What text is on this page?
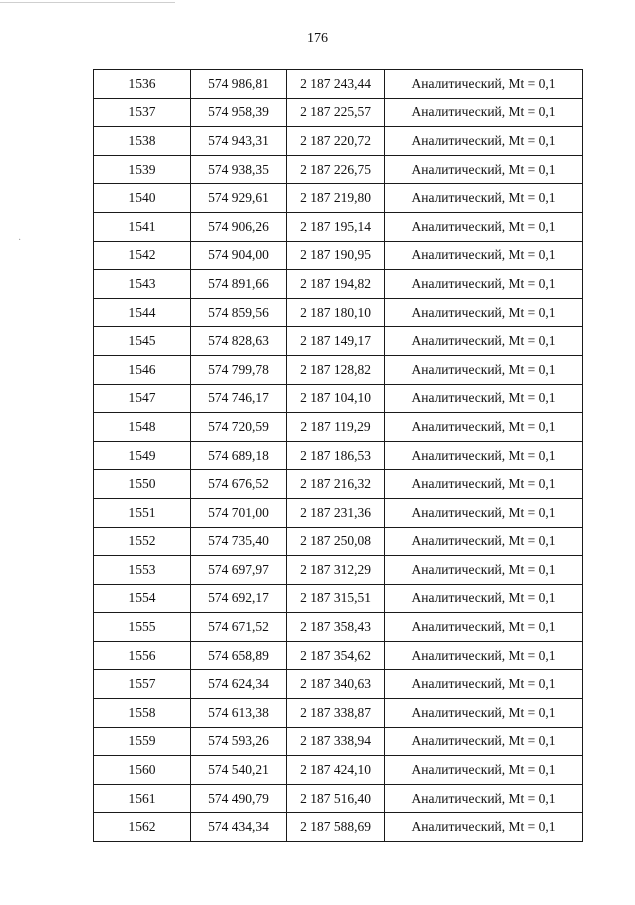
176
·
1536	574 986,81	2 187 243,44	Аналитический, Mt = 0,1
1537	574 958,39	2 187 225,57	Аналитический, Mt = 0,1
1538	574 943,31	2 187 220,72	Аналитический, Mt = 0,1
1539	574 938,35	2 187 226,75	Аналитический, Mt = 0,1
1540	574 929,61	2 187 219,80	Аналитический, Mt = 0,1
1541	574 906,26	2 187 195,14	Аналитический, Mt = 0,1
1542	574 904,00	2 187 190,95	Аналитический, Mt = 0,1
1543	574 891,66	2 187 194,82	Аналитический, Mt = 0,1
1544	574 859,56	2 187 180,10	Аналитический, Mt = 0,1
1545	574 828,63	2 187 149,17	Аналитический, Mt = 0,1
1546	574 799,78	2 187 128,82	Аналитический, Mt = 0,1
1547	574 746,17	2 187 104,10	Аналитический, Mt = 0,1
1548	574 720,59	2 187 119,29	Аналитический, Mt = 0,1
1549	574 689,18	2 187 186,53	Аналитический, Mt = 0,1
1550	574 676,52	2 187 216,32	Аналитический, Mt = 0,1
1551	574 701,00	2 187 231,36	Аналитический, Mt = 0,1
1552	574 735,40	2 187 250,08	Аналитический, Mt = 0,1
1553	574 697,97	2 187 312,29	Аналитический, Mt = 0,1
1554	574 692,17	2 187 315,51	Аналитический, Mt = 0,1
1555	574 671,52	2 187 358,43	Аналитический, Mt = 0,1
1556	574 658,89	2 187 354,62	Аналитический, Mt = 0,1
1557	574 624,34	2 187 340,63	Аналитический, Mt = 0,1
1558	574 613,38	2 187 338,87	Аналитический, Mt = 0,1
1559	574 593,26	2 187 338,94	Аналитический, Mt = 0,1
1560	574 540,21	2 187 424,10	Аналитический, Mt = 0,1
1561	574 490,79	2 187 516,40	Аналитический, Mt = 0,1
1562	574 434,34	2 187 588,69	Аналитический, Mt = 0,1
